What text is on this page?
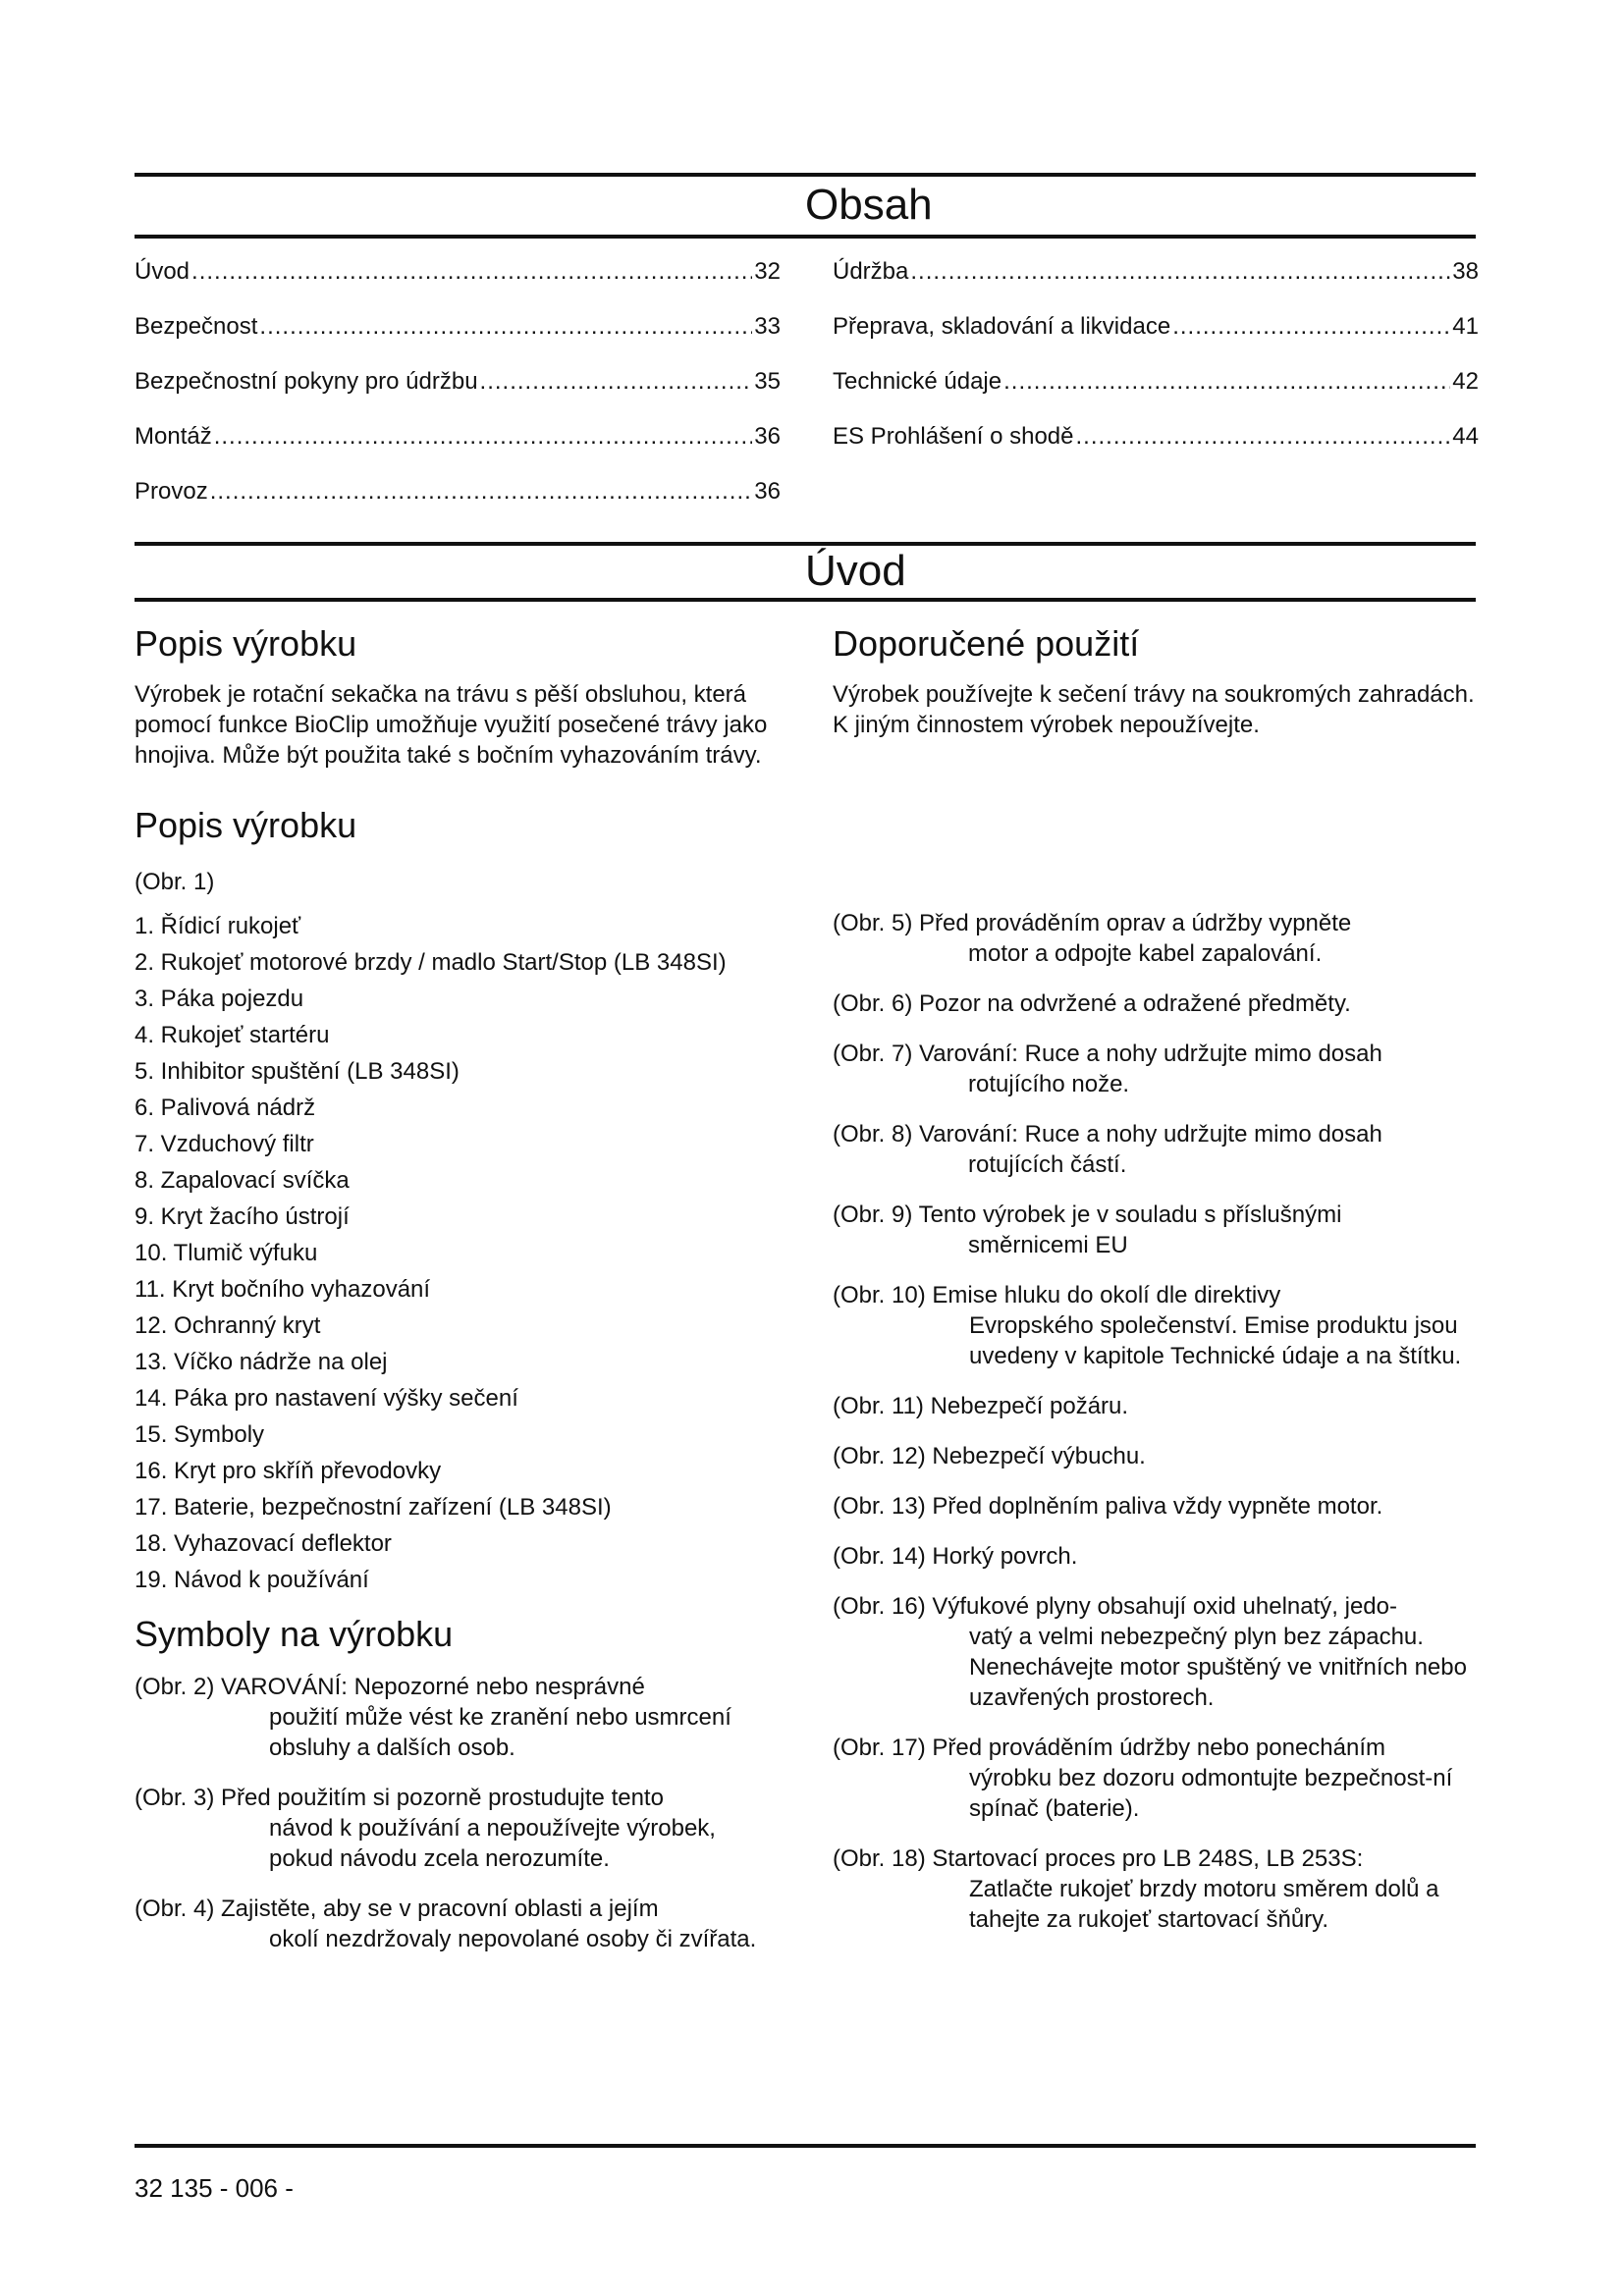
Obsah
Úvod .....	32
Bezpečnost .....	33
Bezpečnostní pokyny pro údržbu .....	35
Montáž .....	36
Provoz .....	36
Údržba .....	38
Přeprava, skladování a likvidace .....	41
Technické údaje .....	42
ES Prohlášení o shodě .....	44
Úvod
Popis výrobku

Výrobek je rotační sekačka na trávu s pěší obsluhou, která pomocí funkce BioClip umožňuje využití posečené trávy jako hnojiva. Může být použita také s bočním vyhazováním trávy.

Popis výrobku

(Obr. 1)

1. Řídicí rukojeť
2. Rukojeť motorové brzdy / madlo Start/Stop (LB 348SI)
3. Páka pojezdu
4. Rukojeť startéru
5. Inhibitor spuštění (LB 348SI)
6. Palivová nádrž
7. Vzduchový filtr
8. Zapalovací svíčka
9. Kryt žacího ústrojí
10. Tlumič výfuku
11. Kryt bočního vyhazování
12. Ochranný kryt
13. Víčko nádrže na olej
14. Páka pro nastavení výšky sečení
15. Symboly
16. Kryt pro skříň převodovky
17. Baterie, bezpečnostní zařízení (LB 348SI)
18. Vyhazovací deflektor
19. Návod k používání
Symboly na výrobku
(Obr. 2) VAROVÁNÍ: Nepozorné nebo nesprávné
použití může vést ke zranění nebo usmrcení obsluhy a dalších osob.
(Obr. 3) Před použitím si pozorně prostudujte tento
návod k používání a nepoužívejte výrobek, pokud návodu zcela nerozumíte.
(Obr. 4) Zajistěte, aby se v pracovní oblasti a jejím
okolí nezdržovaly nepovolané osoby či zvířata.
Doporučené použití

Výrobek používejte k sečení trávy na soukromých zahradách. K jiným činnostem výrobek nepoužívejte.

(Obr. 5) Před prováděním oprav a údržby vypněte
motor a odpojte kabel zapalování.
(Obr. 6) Pozor na odvržené a odražené předměty.
(Obr. 7) Varování: Ruce a nohy udržujte mimo dosah
rotujícího nože.
(Obr. 8) Varování: Ruce a nohy udržujte mimo dosah
rotujících částí.
(Obr. 9) Tento výrobek je v souladu s příslušnými
směrnicemi EU
(Obr. 10) Emise hluku do okolí dle direktivy
Evropského společenství. Emise produktu jsou uvedeny v kapitole Technické údaje a na štítku.
(Obr. 11) Nebezpečí požáru.
(Obr. 12) Nebezpečí výbuchu.
(Obr. 13) Před doplněním paliva vždy vypněte motor.
(Obr. 14) Horký povrch.
(Obr. 16) Výfukové plyny obsahují oxid uhelnatý, jedo-
vatý a velmi nebezpečný plyn bez zápachu. Nenechávejte motor spuštěný ve vnitřních nebo uzavřených prostorech.
(Obr. 17) Před prováděním údržby nebo ponecháním
výrobku bez dozoru odmontujte bezpečnost-ní spínač (baterie).
(Obr. 18) Startovací proces pro LB 248S, LB 253S:
Zatlačte rukojeť brzdy motoru směrem dolů a tahejte za rukojeť startovací šňůry.
32 135 - 006 -
